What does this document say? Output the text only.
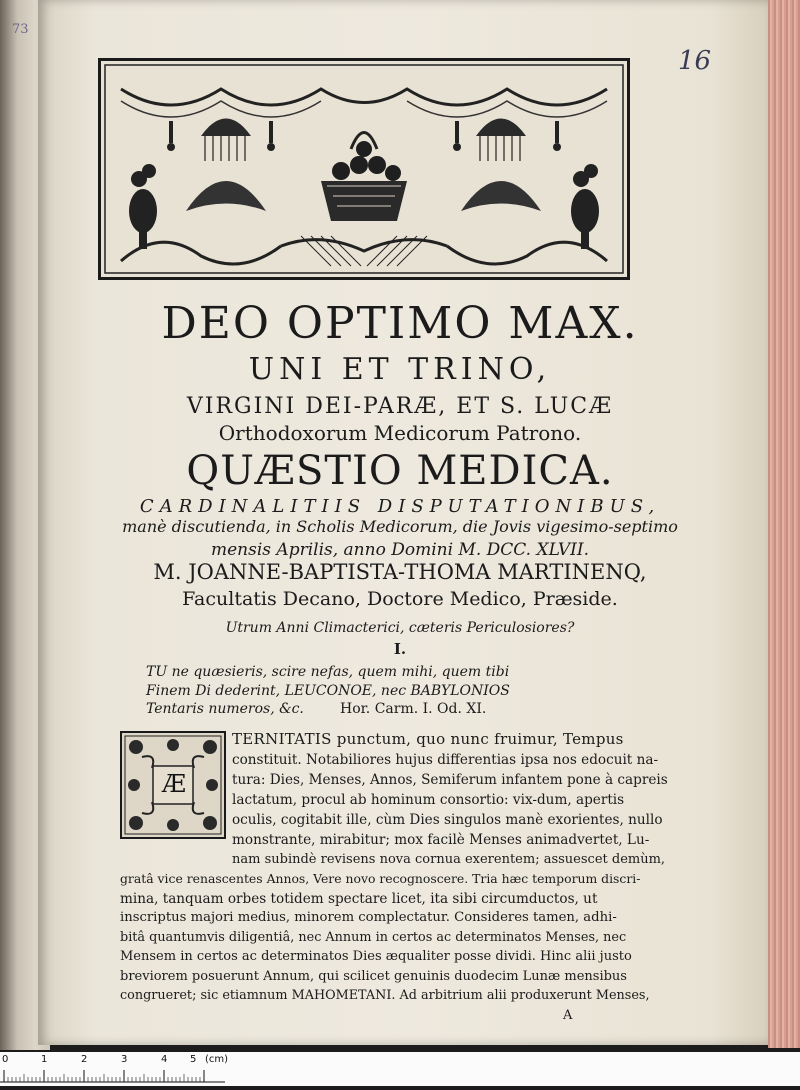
73
16
DEO OPTIMO MAX.
UNI ET TRINO,
VIRGINI DEI-PARÆ, ET S. LUCÆ
Orthodoxorum Medicorum Patrono.
QUÆSTIO MEDICA.
CARDINALITIIS DISPUTATIONIBUS,
manè discutienda, in Scholis Medicorum, die Jovis vigesimo-septimo
mensis Aprilis, anno Domini M. DCC. XLVII.
M. JOANNE-BAPTISTA-THOMA MARTINENQ,
Facultatis Decano, Doctore Medico, Præside.
Utrum Anni Climacterici, cæteris Periculosiores?
I.
TU ne quæsieris, scire nefas, quem mihi, quem tibi
Finem Di dederint, LEUCONOE, nec BABYLONIOS
Tentaris numeros, &c.	Hor. Carm. I. Od. XI.
Æ
TERNITATIS punctum, quo nunc fruimur, Tempus
constituit. Notabiliores hujus differentias ipsa nos edocuit na-
tura: Dies, Menses, Annos, Semiferum infantem pone à capreis
lactatum, procul ab hominum consortio: vix-dum, apertis
oculis, cogitabit ille, cùm Dies singulos manè exorientes, nullo
monstrante, mirabitur; mox facilè Menses animadvertet, Lu-
nam subindè revisens nova cornua exerentem; assuescet demùm,
gratâ vice renascentes Annos, Vere novo recognoscere. Tria hæc temporum discri-
mina, tanquam orbes totidem spectare licet, ita sibi circumductos, ut
inscriptus majori medius, minorem complectatur. Consideres tamen, adhi-
bitâ quantumvis diligentiâ, nec Annum in certos ac determinatos Menses, nec
Mensem in certos ac determinatos Dies æqualiter posse dividi. Hinc alii justo
breviorem posuerunt Annum, qui scilicet genuinis duodecim Lunæ mensibus
congrueret; sic etiamnum MAHOMETANI. Ad arbitrium alii produxerunt Menses,
A
0	1	2	3	4 5 (cm)
